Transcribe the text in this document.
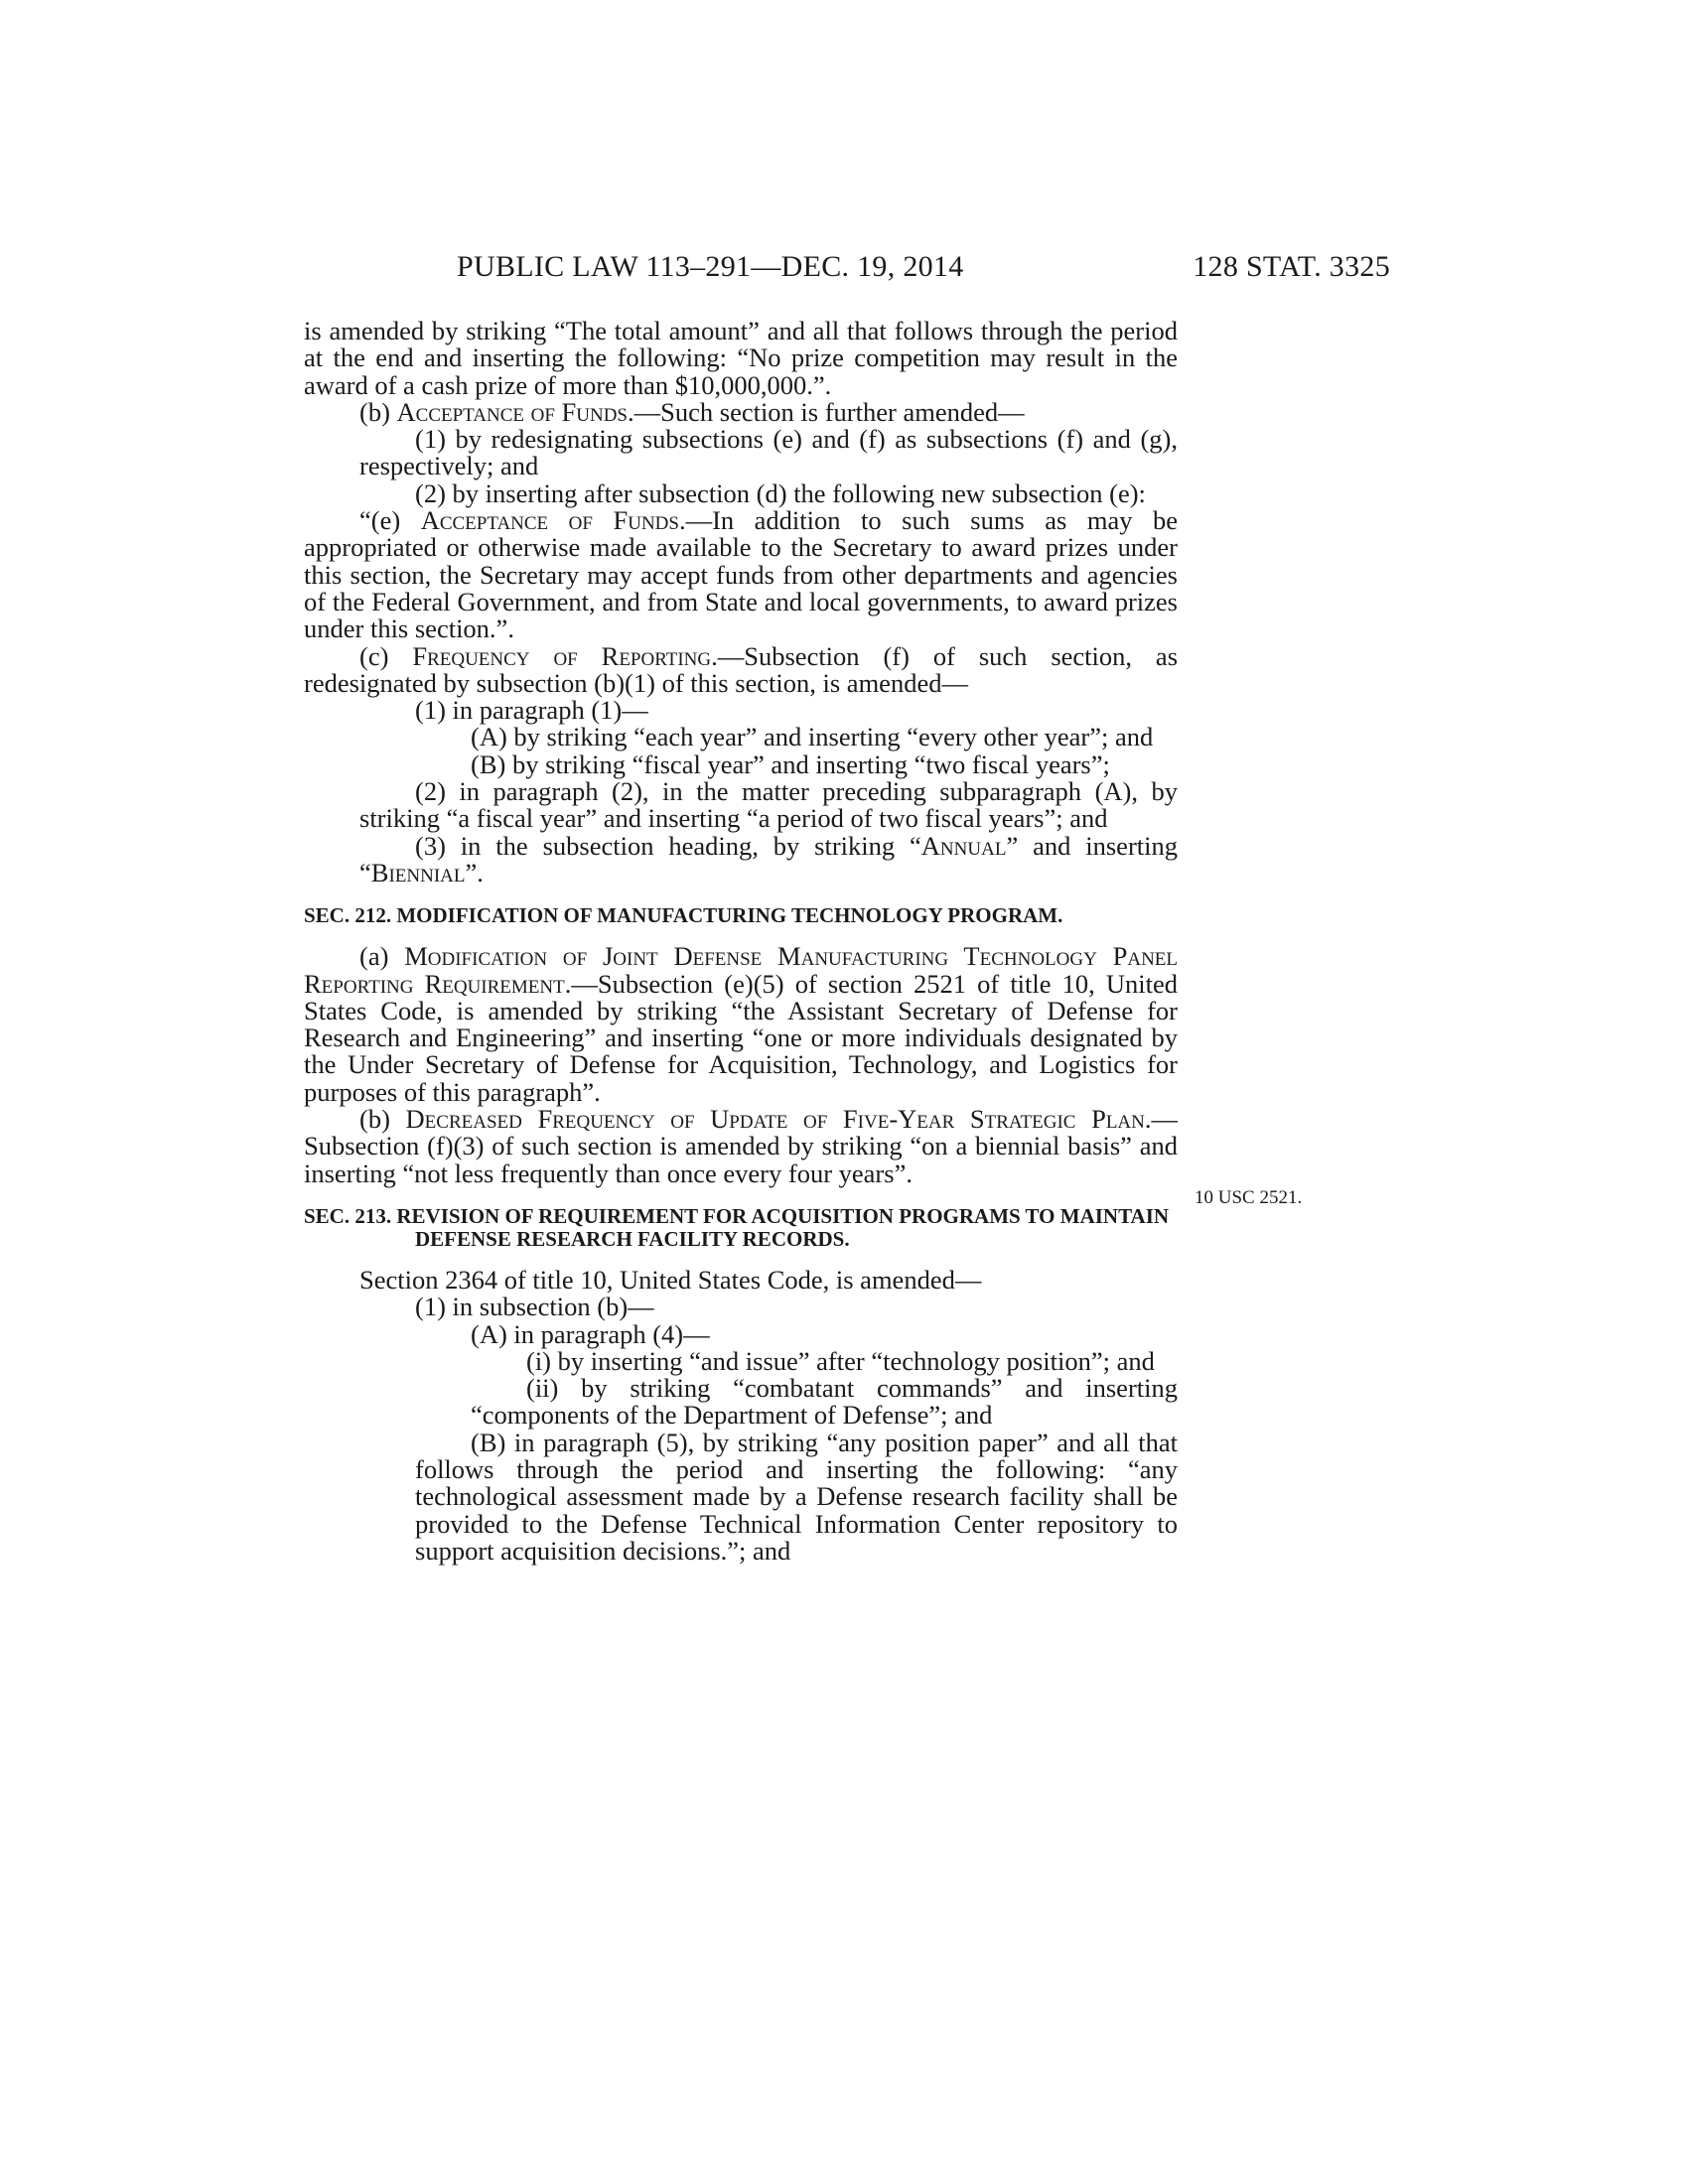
PUBLIC LAW 113–291—DEC. 19, 2014	128 STAT. 3325
10 USC 2521.

is amended by striking “The total amount” and all that follows through the period at the end and inserting the following: “No prize competition may result in the award of a cash prize of more than $10,000,000.”.

(b) Acceptance of Funds.—Such section is further amended—

(1) by redesignating subsections (e) and (f) as subsections (f) and (g), respectively; and

(2) by inserting after subsection (d) the following new subsection (e):

“(e) Acceptance of Funds.—In addition to such sums as may be appropriated or otherwise made available to the Secretary to award prizes under this section, the Secretary may accept funds from other departments and agencies of the Federal Government, and from State and local governments, to award prizes under this section.”.

(c) Frequency of Reporting.—Subsection (f) of such section, as redesignated by subsection (b)(1) of this section, is amended—

(1) in paragraph (1)—

(A) by striking “each year” and inserting “every other year”; and

(B) by striking “fiscal year” and inserting “two fiscal years”;

(2) in paragraph (2), in the matter preceding subparagraph (A), by striking “a fiscal year” and inserting “a period of two fiscal years”; and

(3) in the subsection heading, by striking “Annual” and inserting “Biennial”.

SEC. 212. MODIFICATION OF MANUFACTURING TECHNOLOGY PROGRAM.

(a) Modification of Joint Defense Manufacturing Technology Panel Reporting Requirement.—Subsection (e)(5) of section 2521 of title 10, United States Code, is amended by striking “the Assistant Secretary of Defense for Research and Engineering” and inserting “one or more individuals designated by the Under Secretary of Defense for Acquisition, Technology, and Logistics for purposes of this paragraph”.

(b) Decreased Frequency of Update of Five-Year Strategic Plan.—Subsection (f)(3) of such section is amended by striking “on a biennial basis” and inserting “not less frequently than once every four years”.

SEC. 213. REVISION OF REQUIREMENT FOR ACQUISITION PROGRAMS TO MAINTAIN DEFENSE RESEARCH FACILITY RECORDS.

Section 2364 of title 10, United States Code, is amended—

(1) in subsection (b)—

(A) in paragraph (4)—

(i) by inserting “and issue” after “technology position”; and

(ii) by striking “combatant commands” and inserting “components of the Department of Defense”; and

(B) in paragraph (5), by striking “any position paper” and all that follows through the period and inserting the following: “any technological assessment made by a Defense research facility shall be provided to the Defense Technical Information Center repository to support acquisition decisions.”; and
